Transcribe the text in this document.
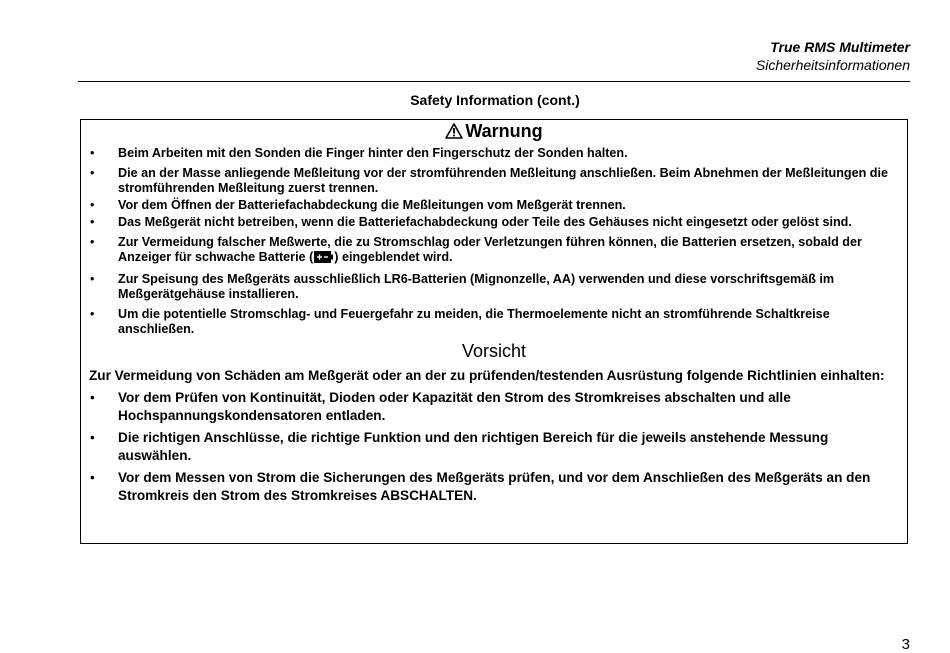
True RMS Multimeter
Sicherheitsinformationen
Safety Information (cont.)
Warnung
• Beim Arbeiten mit den Sonden die Finger hinter den Fingerschutz der Sonden halten.
• Die an der Masse anliegende Meßleitung vor der stromführenden Meßleitung anschließen. Beim Abnehmen der Meßleitungen die stromführenden Meßleitung zuerst trennen.
• Vor dem Öffnen der Batteriefachabdeckung die Meßleitungen vom Meßgerät trennen.
• Das Meßgerät nicht betreiben, wenn die Batteriefachabdeckung oder Teile des Gehäuses nicht eingesetzt oder gelöst sind.
• Zur Vermeidung falscher Meßwerte, die zu Stromschlag oder Verletzungen führen können, die Batterien ersetzen, sobald der Anzeiger für schwache Batterie ( ) eingeblendet wird.
• Zur Speisung des Meßgeräts ausschließlich LR6-Batterien (Mignonzelle, AA) verwenden und diese vorschriftsgemäß im Meßgerätgehäuse installieren.
• Um die potentielle Stromschlag- und Feuergefahr zu meiden, die Thermoelemente nicht an stromführende Schaltkreise anschließen.
Vorsicht
Zur Vermeidung von Schäden am Meßgerät oder an der zu prüfenden/testenden Ausrüstung folgende Richtlinien einhalten:
• Vor dem Prüfen von Kontinuität, Dioden oder Kapazität den Strom des Stromkreises abschalten und alle Hochspannungskondensatoren entladen.
• Die richtigen Anschlüsse, die richtige Funktion und den richtigen Bereich für die jeweils anstehende Messung auswählen.
• Vor dem Messen von Strom die Sicherungen des Meßgeräts prüfen, und vor dem Anschließen des Meßgeräts an den Stromkreis den Strom des Stromkreises ABSCHALTEN.
3
